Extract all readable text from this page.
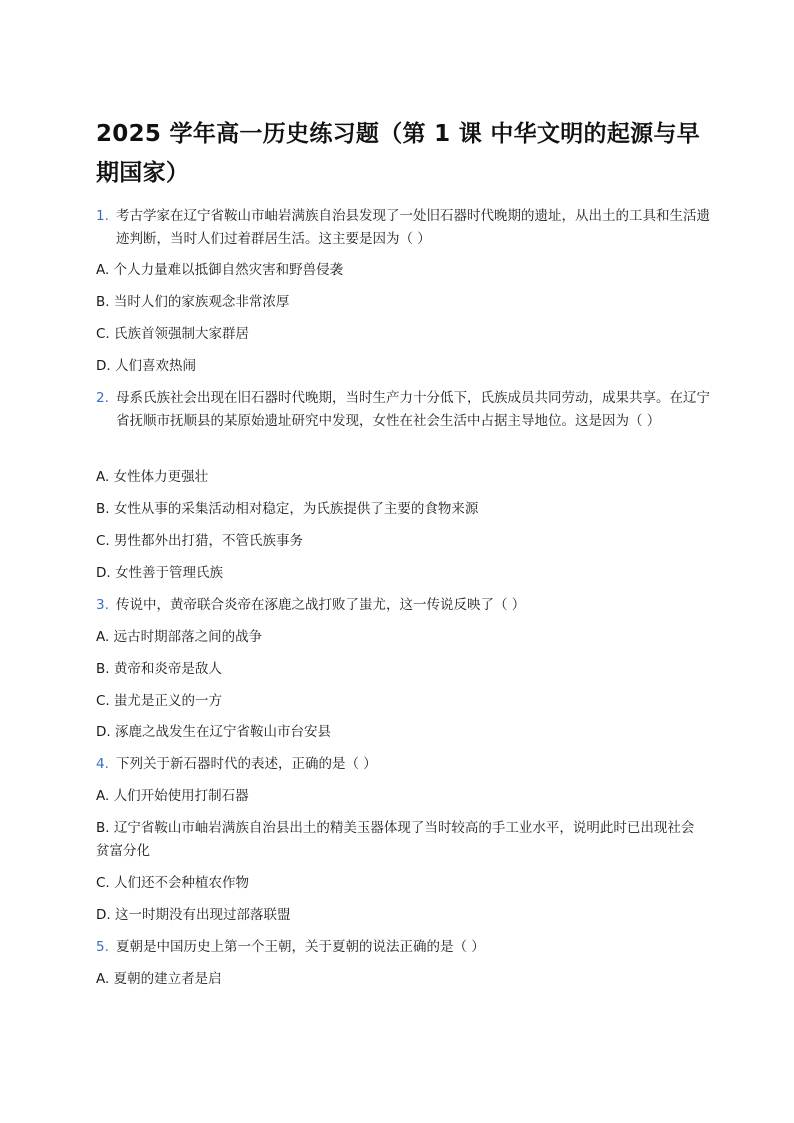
2025 学年高一历史练习题（第 1 课 中华文明的起源与早期国家）
1. 考古学家在辽宁省鞍山市岫岩满族自治县发现了一处旧石器时代晚期的遗址，从出土的工具和生活遗迹判断，当时人们过着群居生活。这主要是因为（ ）
A. 个人力量难以抵御自然灾害和野兽侵袭
B. 当时人们的家族观念非常浓厚
C. 氏族首领强制大家群居
D. 人们喜欢热闹
2. 母系氏族社会出现在旧石器时代晚期，当时生产力十分低下，氏族成员共同劳动，成果共享。在辽宁省抚顺市抚顺县的某原始遗址研究中发现，女性在社会生活中占据主导地位。这是因为（ ）
A. 女性体力更强壮
B. 女性从事的采集活动相对稳定，为氏族提供了主要的食物来源
C. 男性都外出打猎，不管氏族事务
D. 女性善于管理氏族
3. 传说中，黄帝联合炎帝在涿鹿之战打败了蚩尤，这一传说反映了（ ）
A. 远古时期部落之间的战争
B. 黄帝和炎帝是敌人
C. 蚩尤是正义的一方
D. 涿鹿之战发生在辽宁省鞍山市台安县
4. 下列关于新石器时代的表述，正确的是（ ）
A. 人们开始使用打制石器
B. 辽宁省鞍山市岫岩满族自治县出土的精美玉器体现了当时较高的手工业水平，说明此时已出现社会贫富分化
C. 人们还不会种植农作物
D. 这一时期没有出现过部落联盟
5. 夏朝是中国历史上第一个王朝，关于夏朝的说法正确的是（ ）
A. 夏朝的建立者是启
